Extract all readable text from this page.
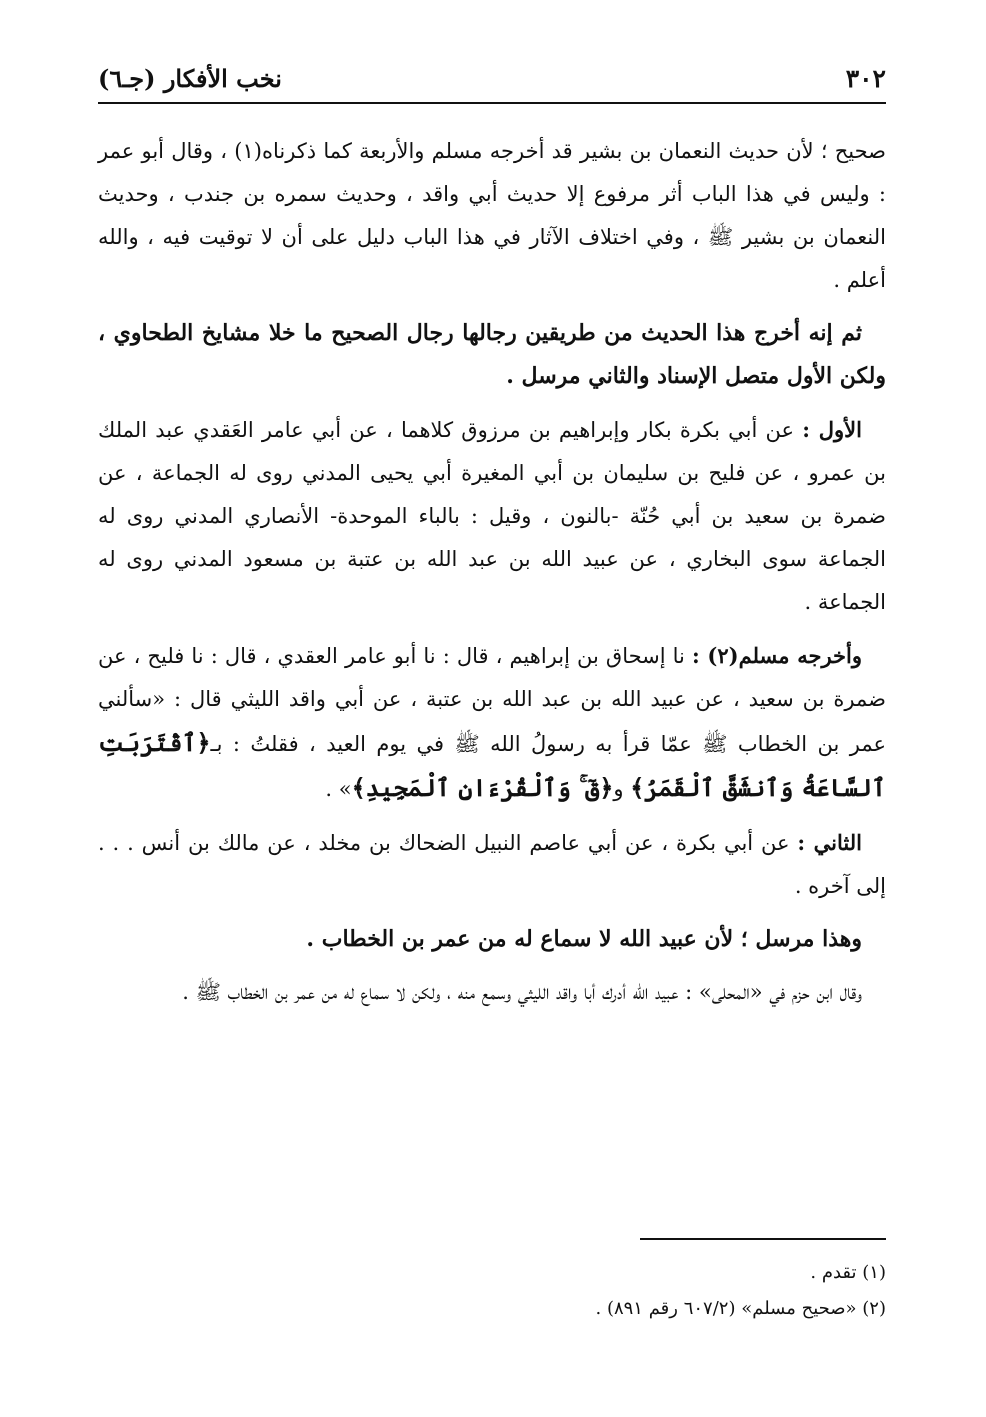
٣٠٢
نخب الأفكار (جـ٦)

صحيح ؛ لأن حديث النعمان بن بشير قد أخرجه مسلم والأربعة كما ذكرناه(١) ، وقال أبو عمر : وليس في هذا الباب أثر مرفوع إلا حديث أبي واقد ، وحديث سمره بن جندب ، وحديث النعمان بن بشير ﷺ ، وفي اختلاف الآثار في هذا الباب دليل على أن لا توقيت فيه ، والله أعلم .

ثم إنه أخرج هذا الحديث من طريقين رجالها رجال الصحيح ما خلا مشايخ الطحاوي ، ولكن الأول متصل الإسناد والثاني مرسل .

الأول : عن أبي بكرة بكار وإبراهيم بن مرزوق كلاهما ، عن أبي عامر العَقدي عبد الملك بن عمرو ، عن فليح بن سليمان بن أبي المغيرة أبي يحيى المدني روى له الجماعة ، عن ضمرة بن سعيد بن أبي حُنّة -بالنون ، وقيل : بالباء الموحدة- الأنصاري المدني روى له الجماعة سوى البخاري ، عن عبيد الله بن عبد الله بن عتبة بن مسعود المدني روى له الجماعة .

وأخرجه مسلم(٢) : نا إسحاق بن إبراهيم ، قال : نا أبو عامر العقدي ، قال : نا فليح ، عن ضمرة بن سعيد ، عن عبيد الله بن عبد الله بن عتبة ، عن أبي واقد الليثي قال : «سألني عمر بن الخطاب ﷺ عمّا قرأ به رسولُ الله ﷺ في يوم العيد ، فقلتُ : بـ﴿ٱقْتَرَبَتِ ٱلسَّاعَةُ وَٱنشَقَّ ٱلْقَمَرُ﴾ و﴿قٓ ۚ وَٱلْقُرْءَانِ ٱلْمَجِيدِ﴾» .

الثاني : عن أبي بكرة ، عن أبي عاصم النبيل الضحاك بن مخلد ، عن مالك بن أنس . . . إلى آخره .

وهذا مرسل ؛ لأن عبيد الله لا سماع له من عمر بن الخطاب .

وقال ابن حزم في «المحلى» : عبيد الله أدرك أبا واقد الليثي وسمع منه ، ولكن لا سماع له من عمر بن الخطاب ﷺ .

(١) تقدم .

(٢) «صحيح مسلم» (٦٠٧/٢ رقم ٨٩١) .
